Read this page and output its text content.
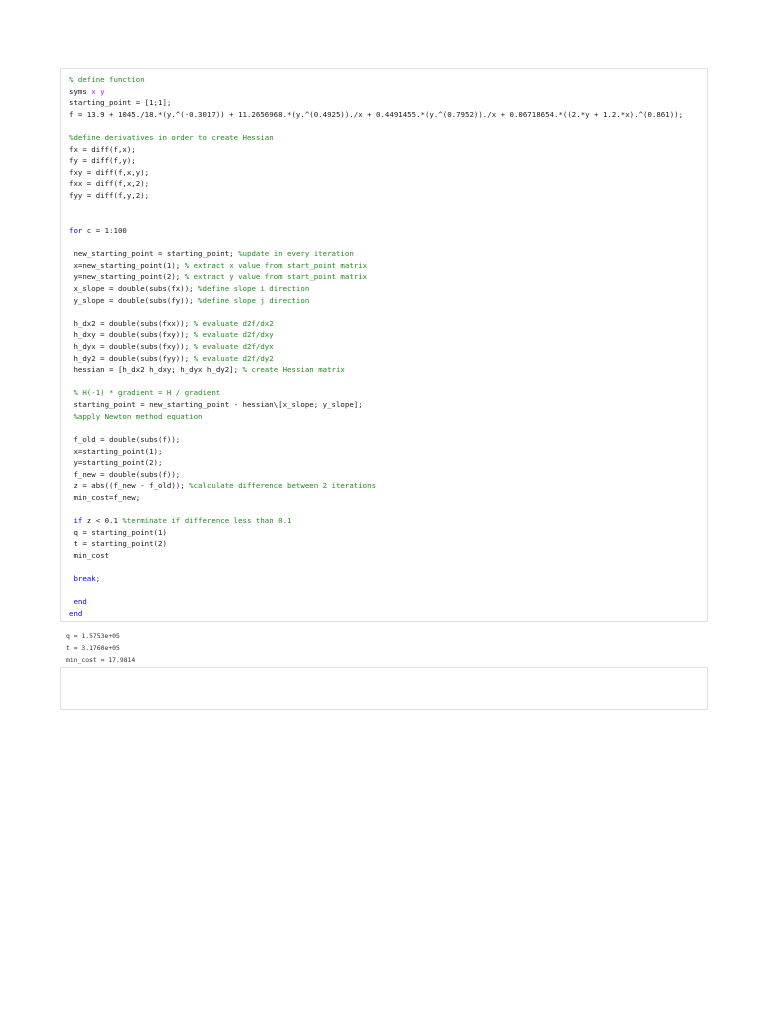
% define function
syms x y
starting_point = [1;1];
f = 13.9 + 1045./18.*(y.^(-0.3017)) + 11.2656968.*(y.^(0.4925))./x + 0.4491455.*(y.^(0.7952))./x + 0.06718654.*((2.*y + 1.2.*x).^(0.861));
%define derivatives in order to create Hessian
fx = diff(f,x);
fy = diff(f,y);
fxy = diff(f,x,y);
fxx = diff(f,x,2);
fyy = diff(f,y,2);
for c = 1:100
new_starting_point = starting_point; %update in every iteration
x=new_starting_point(1); % extract x value from start_point matrix
y=new_starting_point(2); % extract y value from start_point matrix
x_slope = double(subs(fx)); %define slope i direction
y_slope = double(subs(fy)); %define slope j direction
h_dx2 = double(subs(fxx)); % evaluate d2f/dx2
h_dxy = double(subs(fxy)); % evaluate d2f/dxy
h_dyx = double(subs(fxy)); % evaluate d2f/dyx
h_dy2 = double(subs(fyy)); % evaluate d2f/dy2
hessian = [h_dx2 h_dxy; h_dyx h_dy2]; % create Hessian matrix
% H(-1) * gradient = H / gradient
starting_point = new_starting_point - hessian\[x_slope; y_slope];
%apply Newton method equation
f_old = double(subs(f));
x=starting_point(1);
y=starting_point(2);
f_new = double(subs(f));
z = abs((f_new - f_old)); %calculate difference between 2 iterations
min_cost=f_new;
if z < 0.1 %terminate if difference less than 0.1
q = starting_point(1)
t = starting_point(2)
min_cost
break;
end
end
q = 1.5753e+05
t = 3.1760e+05
min_cost = 17.9814
